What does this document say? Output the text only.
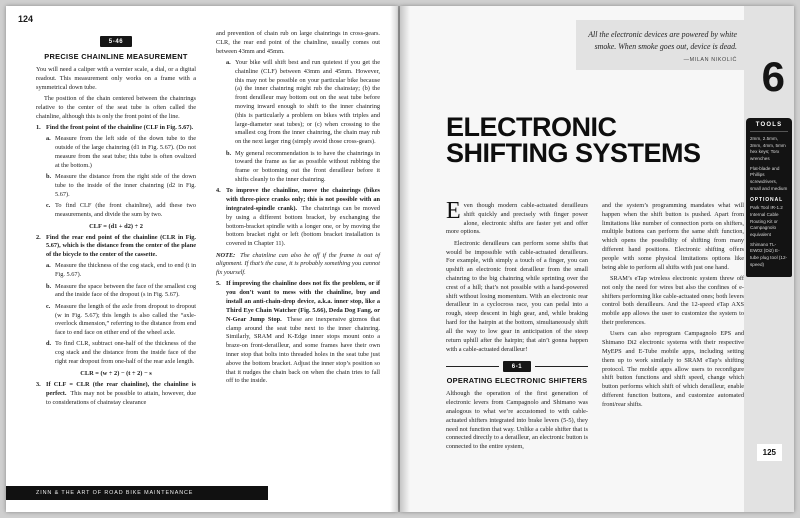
124
5-46
PRECISE CHAINLINE MEASUREMENT

You will need a caliper with a vernier scale, a dial, or a digital readout. This measurement only works on a frame with a symmetrical down tube.

The position of the chain centered between the chainrings relative to the center of the seat tube is often called the chainline, although this is only the front point of the line.

1. Find the front point of the chainline (CLF in Fig. 5.67).
a. Measure from the left side of the down tube to the outside of the large chainring (d1 in Fig. 5.67). (Do not measure from the seat tube; this tube is often ovalized at the bottom.)
b. Measure the distance from the right side of the down tube to the inside of the inner chainring (d2 in Fig. 5.67).
c. To find CLF (the front chainline), add these two measurements, and divide the sum by two.
CLF = (d1 + d2) ÷ 2
2. Find the rear end point of the chainline (CLR in Fig. 5.67), which is the distance from the center of the plane of the bicycle to the center of the cassette.
a. Measure the thickness of the cog stack, end to end (t in Fig. 5.67).
b. Measure the space between the face of the smallest cog and the inside face of the dropout (s in Fig. 5.67).
c. Measure the length of the axle from dropout to dropout (w in Fig. 5.67); this length is also called the “axle-overlock dimension,” referring to the distance from end face to end face on either end of the wheel axle.
d. To find CLR, subtract one-half of the thickness of the cog stack and the distance from the inside face of the right rear dropout from one-half of the rear axle length.
CLR = (w ÷ 2) − (t ÷ 2) − s
3. If CLF = CLR (the rear chainline), the chainline is perfect. This may not be possible to attain, however, due to considerations of chainstay clearance

and prevention of chain rub on large chainrings in cross-gears. CLR, the rear end point of the chainline, usually comes out between 43mm and 45mm.

a. Your bike will shift best and run quietest if you get the chainline (CLF) between 43mm and 45mm. However, this may not be possible on your particular bike because (a) the inner chainring might rub the chainstay; (b) the front derailleur may bottom out on the seat tube before moving inward enough to shift to the inner chainring (this is particularly a problem on bikes with triples and large-diameter seat tubes); or (c) when crossing to the smallest cog from the inner chainring, the chain may rub on the next larger ring (simply avoid those cross-gears).
b. My general recommendation is to have the chainrings in toward the frame as far as possible without rubbing the frame or bottoming out the front derailleur before it shifts cleanly to the inner chainring.
4. To improve the chainline, move the chainrings (bikes with three-piece cranks only; this is not possible with an integrated-spindle crank). The chainrings can be moved by using a different bottom bracket, by exchanging the bottom-bracket spindle with a longer one, or by moving the bottom bracket right or left (bottom bracket installation is covered in Chapter 11).

NOTE: The chainline can also be off if the frame is out of alignment. If that’s the case, it is probably something you cannot fix yourself.

5. If improving the chainline does not fix the problem, or if you don’t want to mess with the chainline, buy and install an anti-chain-drop device, a.k.a. inner stop, like a Third Eye Chain Watcher (Fig. 5.66), Deda Dog Fang, or N-Gear Jump Stop. These are inexpensive gizmos that clamp around the seat tube next to the inner chainring. Similarly, SRAM and K-Edge inner stops mount onto a braze-on front-derailleur, and some frames have their own inner stop that bolts into threaded holes in the seat tube just above the bottom bracket. Adjust the inner stop’s position so that it nudges the chain back on when the chain tries to fall off to the inside.
ZINN & THE ART OF ROAD BIKE MAINTENANCE
All the electronic devices are powered by white smoke. When smoke goes out, device is dead.
—MILAN NIKOLIĆ 6
ELECTRONIC
SHIFTING SYSTEMS
TOOLS
2mm, 2.5mm, 3mm, 4mm, 5mm hex keys; Torx wrenches
Flat-blade and Phillips screwdrivers, small and medium
OPTIONAL
Park Tool IR-1.2 Internal Cable Routing Kit or Campagnolo equivalent
Shimano TL-EW02 (Di2) E-tube plug tool (12-speed)

E ven though modern cable-actuated derailleurs shift quickly and precisely with finger power alone, electronic shifts are faster yet and offer more options.

Electronic derailleurs can perform some shifts that would be impossible with cable-actuated derailleurs. For example, with simply a touch of a finger, you can upshift an electronic front derailleur from the small chainring to the big chainring while sprinting over the crest of a hill; that’s not possible with a hand-powered shift without losing momentum. With an electronic rear derailleur in a cyclocross race, you can pedal into a rough, steep descent in high gear, and, while braking hard for the hairpin at the bottom, simultaneously shift all the way to low gear in anticipation of the steep return uphill after the hairpin; that ain’t gonna happen with a cable-actuated derailleur!

6-1
OPERATING ELECTRONIC SHIFTERS

Although the operation of the first generation of electronic levers from Campagnolo and Shimano was analogous to what we’re accustomed to with cable-actuated shifters integrated into brake levers (5-5), they need not function that way. Unlike a cable shifter that is connected directly to a derailleur, an electronic button is connected to the entire system,

and the system’s programming mandates what will happen when the shift button is pushed. Apart from limitations like number of connection ports on shifters, multiple buttons can perform the same shift function, which opens the possibility of shifting from many different hand positions. Electronic shifting offers people with some physical limitations options like being able to perform all shifts with just one hand.

SRAM’s eTap wireless electronic system threw off not only the need for wires but also the confines of e-shifters performing like cable-actuated ones; both levers control both derailleurs. And the 12-speed eTap AXS mobile app allows the user to customize the system to their preferences.

Users can also reprogram Campagnolo EPS and Shimano Di2 electronic systems with their respective MyEPS and E-Tube mobile apps, including setting them up to work similarly to SRAM eTap’s shifting protocol. The mobile apps allow users to reconfigure shift button functions and shift speed, change which button performs which shift of which derailleur, enable different function buttons, and customize automated front/rear shifts.

125
